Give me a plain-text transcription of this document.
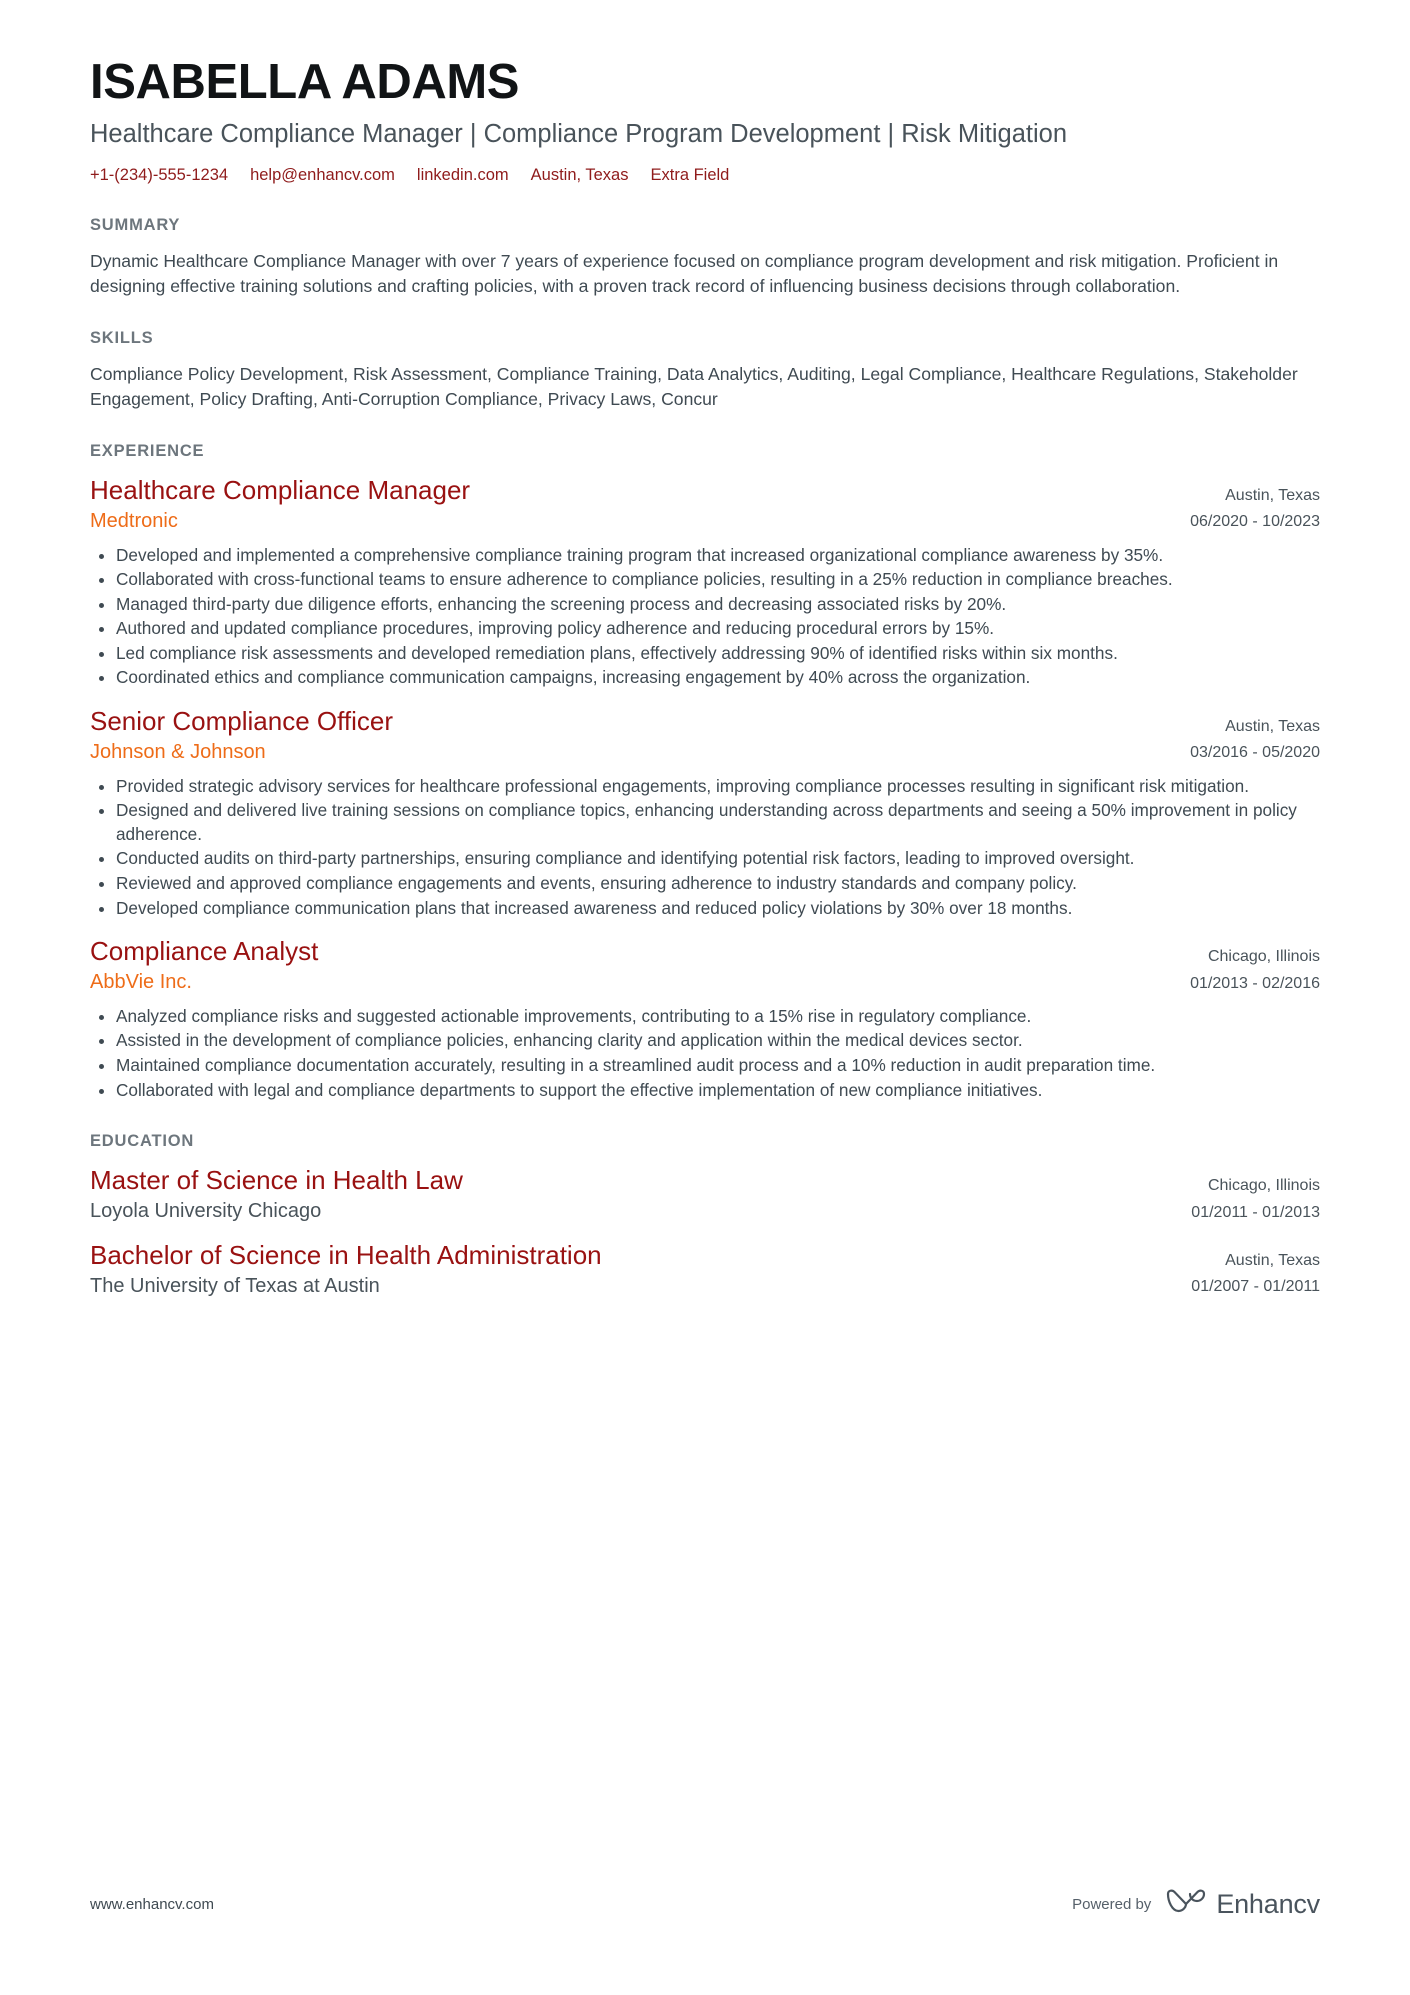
ISABELLA ADAMS
Healthcare Compliance Manager | Compliance Program Development | Risk Mitigation
+1-(234)-555-1234 help@enhancv.com linkedin.com Austin, Texas Extra Field
SUMMARY

Dynamic Healthcare Compliance Manager with over 7 years of experience focused on compliance program development and risk mitigation. Proficient in designing effective training solutions and crafting policies, with a proven track record of influencing business decisions through collaboration.

SKILLS

Compliance Policy Development, Risk Assessment, Compliance Training, Data Analytics, Auditing, Legal Compliance, Healthcare Regulations, Stakeholder Engagement, Policy Drafting, Anti-Corruption Compliance, Privacy Laws, Concur

EXPERIENCE
Healthcare Compliance Manager
Medtronic
Austin, Texas
06/2020 - 10/2023
Developed and implemented a comprehensive compliance training program that increased organizational compliance awareness by 35%.
Collaborated with cross-functional teams to ensure adherence to compliance policies, resulting in a 25% reduction in compliance breaches.
Managed third-party due diligence efforts, enhancing the screening process and decreasing associated risks by 20%.
Authored and updated compliance procedures, improving policy adherence and reducing procedural errors by 15%.
Led compliance risk assessments and developed remediation plans, effectively addressing 90% of identified risks within six months.
Coordinated ethics and compliance communication campaigns, increasing engagement by 40% across the organization.
Senior Compliance Officer
Johnson & Johnson
Austin, Texas
03/2016 - 05/2020
Provided strategic advisory services for healthcare professional engagements, improving compliance processes resulting in significant risk mitigation.
Designed and delivered live training sessions on compliance topics, enhancing understanding across departments and seeing a 50% improvement in policy adherence.
Conducted audits on third-party partnerships, ensuring compliance and identifying potential risk factors, leading to improved oversight.
Reviewed and approved compliance engagements and events, ensuring adherence to industry standards and company policy.
Developed compliance communication plans that increased awareness and reduced policy violations by 30% over 18 months.
Compliance Analyst
AbbVie Inc.
Chicago, Illinois
01/2013 - 02/2016
Analyzed compliance risks and suggested actionable improvements, contributing to a 15% rise in regulatory compliance.
Assisted in the development of compliance policies, enhancing clarity and application within the medical devices sector.
Maintained compliance documentation accurately, resulting in a streamlined audit process and a 10% reduction in audit preparation time.
Collaborated with legal and compliance departments to support the effective implementation of new compliance initiatives.
EDUCATION
Master of Science in Health Law
Loyola University Chicago
Chicago, Illinois
01/2011 - 01/2013
Bachelor of Science in Health Administration
The University of Texas at Austin
Austin, Texas
01/2007 - 01/2011
www.enhancv.com	Powered by Enhancv
